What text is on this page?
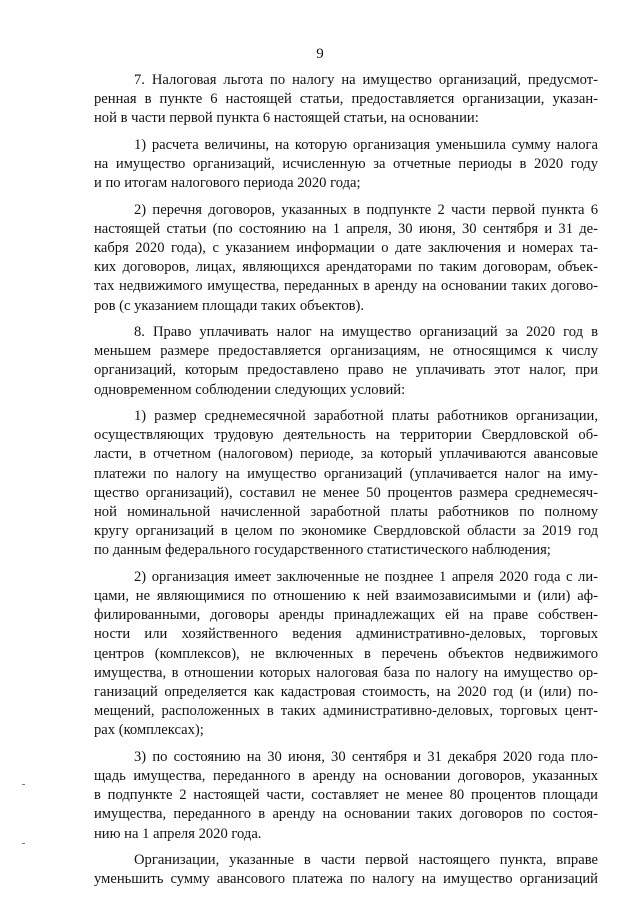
9
7. Налоговая льгота по налогу на имущество организаций, предусмот-
ренная в пункте 6 настоящей статьи, предоставляется организации, указан-
ной в части первой пункта 6 настоящей статьи, на основании:
1) расчета величины, на которую организация уменьшила сумму налога
на имущество организаций, исчисленную за отчетные периоды в 2020 году
и по итогам налогового периода 2020 года;
2) перечня договоров, указанных в подпункте 2 части первой пункта 6
настоящей статьи (по состоянию на 1 апреля, 30 июня, 30 сентября и 31 де-
кабря 2020 года), с указанием информации о дате заключения и номерах та-
ких договоров, лицах, являющихся арендаторами по таким договорам, объек-
тах недвижимого имущества, переданных в аренду на основании таких догово-
ров (с указанием площади таких объектов).
8. Право уплачивать налог на имущество организаций за 2020 год в
меньшем размере предоставляется организациям, не относящимся к числу
организаций, которым предоставлено право не уплачивать этот налог, при
одновременном соблюдении следующих условий:
1) размер среднемесячной заработной платы работников организации,
осуществляющих трудовую деятельность на территории Свердловской об-
ласти, в отчетном (налоговом) периоде, за который уплачиваются авансовые
платежи по налогу на имущество организаций (уплачивается налог на иму-
щество организаций), составил не менее 50 процентов размера среднемесяч-
ной номинальной начисленной заработной платы работников по полному
кругу организаций в целом по экономике Свердловской области за 2019 год
по данным федерального государственного статистического наблюдения;
2) организация имеет заключенные не позднее 1 апреля 2020 года с ли-
цами, не являющимися по отношению к ней взаимозависимыми и (или) аф-
филированными, договоры аренды принадлежащих ей на праве собствен-
ности или хозяйственного ведения административно-деловых, торговых
центров (комплексов), не включенных в перечень объектов недвижимого
имущества, в отношении которых налоговая база по налогу на имущество ор-
ганизаций определяется как кадастровая стоимость, на 2020 год (и (или) по-
мещений, расположенных в таких административно-деловых, торговых цент-
рах (комплексах);
3) по состоянию на 30 июня, 30 сентября и 31 декабря 2020 года пло-
щадь имущества, переданного в аренду на основании договоров, указанных
в подпункте 2 настоящей части, составляет не менее 80 процентов площади
имущества, переданного в аренду на основании таких договоров по состоя-
нию на 1 апреля 2020 года.
Организации, указанные в части первой настоящего пункта, вправе
уменьшить сумму авансового платежа по налогу на имущество организаций
